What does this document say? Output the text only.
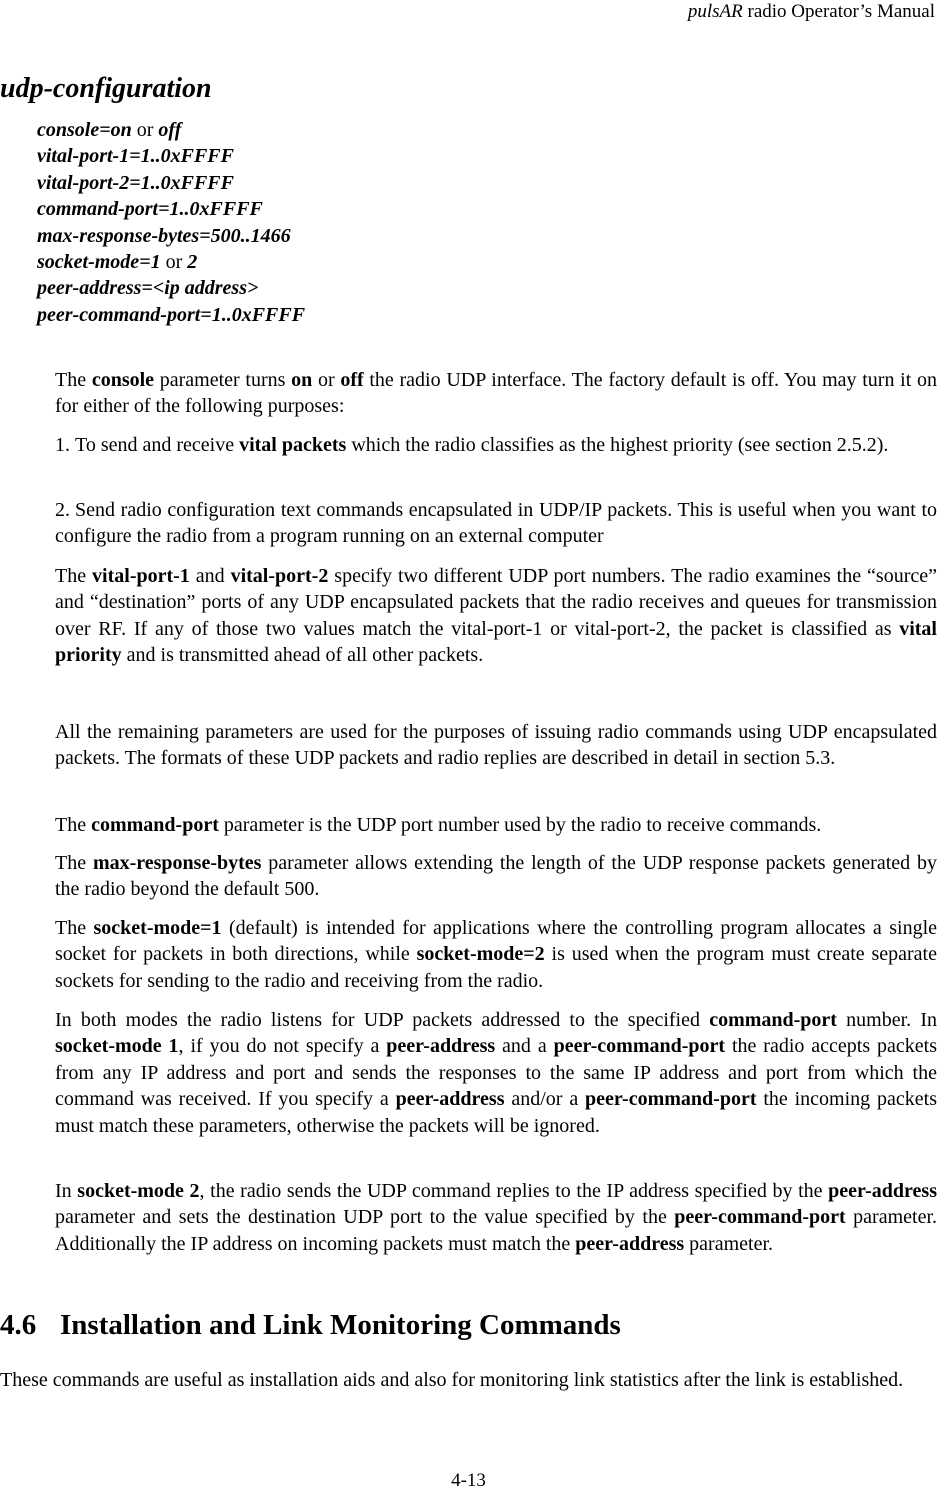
pulsAR radio Operator’s Manual
udp-configuration
console=on or off
vital-port-1=1..0xFFFF
vital-port-2=1..0xFFFF
command-port=1..0xFFFF
max-response-bytes=500..1466
socket-mode=1 or 2
peer-address=<ip address>
peer-command-port=1..0xFFFF
The console parameter turns on or off the radio UDP interface. The factory default is off. You may turn it on for either of the following purposes:
1. To send and receive vital packets which the radio classifies as the highest priority (see section 2.5.2).
2. Send radio configuration text commands encapsulated in UDP/IP packets. This is useful when you want to configure the radio from a program running on an external computer
The vital-port-1 and vital-port-2 specify two different UDP port numbers. The radio examines the “source” and “destination” ports of any UDP encapsulated packets that the radio receives and queues for transmission over RF. If any of those two values match the vital-port-1 or vital-port-2, the packet is classified as vital priority and is transmitted ahead of all other packets.
All the remaining parameters are used for the purposes of issuing radio commands using UDP encapsulated packets. The formats of these UDP packets and radio replies are described in detail in section 5.3.
The command-port parameter is the UDP port number used by the radio to receive commands.
The max-response-bytes parameter allows extending the length of the UDP response packets generated by the radio beyond the default 500.
The socket-mode=1 (default) is intended for applications where the controlling program allocates a single socket for packets in both directions, while socket-mode=2 is used when the program must create separate sockets for sending to the radio and receiving from the radio.
In both modes the radio listens for UDP packets addressed to the specified command-port number. In socket-mode 1, if you do not specify a peer-address and a peer-command-port the radio accepts packets from any IP address and port and sends the responses to the same IP address and port from which the command was received. If you specify a peer-address and/or a peer-command-port the incoming packets must match these parameters, otherwise the packets will be ignored.
In socket-mode 2, the radio sends the UDP command replies to the IP address specified by the peer-address parameter and sets the destination UDP port to the value specified by the peer-command-port parameter. Additionally the IP address on incoming packets must match the peer-address parameter.
4.6 Installation and Link Monitoring Commands
These commands are useful as installation aids and also for monitoring link statistics after the link is established.
4-13
